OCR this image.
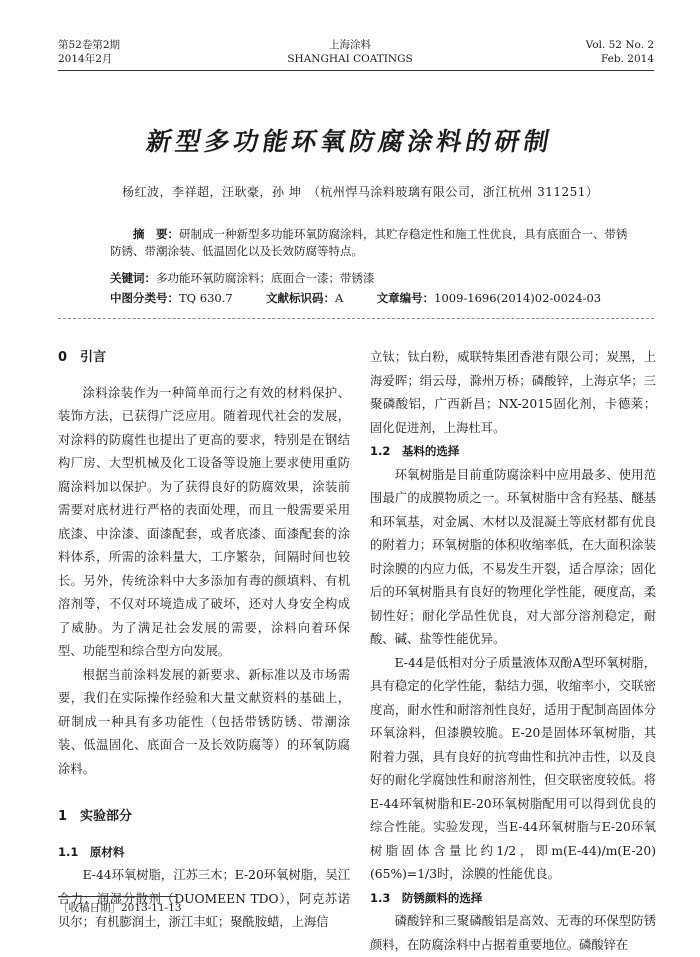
第52卷第2期
2014年2月
上海涂料
SHANGHAI COATINGS
Vol. 52 No. 2
Feb. 2014
新型多功能环氧防腐涂料的研制
杨红波，李祥超，汪耿豪，孙 坤　（杭州悍马涂料玻璃有限公司，浙江杭州 311251）
摘　要：研制成一种新型多功能环氧防腐涂料，其贮存稳定性和施工性优良，具有底面合一、带锈防锈、带潮涂装、低温固化以及长效防腐等特点。
关键词：多功能环氧防腐涂料；底面合一漆；带锈漆
中图分类号：TQ 630.7	文献标识码：A	文章编号：1009-1696(2014)02-0024-03
0　引言

涂料涂装作为一种简单而行之有效的材料保护、装饰方法，已获得广泛应用。随着现代社会的发展，对涂料的防腐性也提出了更高的要求，特别是在钢结构厂房、大型机械及化工设备等设施上要求使用重防腐涂料加以保护。为了获得良好的防腐效果，涂装前需要对底材进行严格的表面处理，而且一般需要采用底漆、中涂漆、面漆配套，或者底漆、面漆配套的涂料体系，所需的涂料量大，工序繁杂，间隔时间也较长。另外，传统涂料中大多添加有毒的颜填料、有机溶剂等，不仅对环境造成了破坏，还对人身安全构成了威胁。为了满足社会发展的需要，涂料向着环保型、功能型和综合型方向发展。

根据当前涂料发展的新要求、新标准以及市场需要，我们在实际操作经验和大量文献资料的基础上，研制成一种具有多功能性（包括带锈防锈、带潮涂装、低温固化、底面合一及长效防腐等）的环氧防腐涂料。

1　实验部分
1.1　原材料

E-44环氧树脂，江苏三木；E-20环氧树脂，吴江合力；润湿分散剂（DUOMEEN TDO），阿克苏诺贝尔；有机膨润土，浙江丰虹；聚酰胺蜡，上海信

立钛；钛白粉，威联特集团香港有限公司；炭黑，上海爱晖；绢云母，滁州万桥；磷酸锌，上海京华；三聚磷酸铝，广西新昌；NX-2015固化剂，卡德莱；固化促进剂，上海杜耳。

1.2　基料的选择

环氧树脂是目前重防腐涂料中应用最多、使用范围最广的成膜物质之一。环氧树脂中含有羟基、醚基和环氧基，对金属、木材以及混凝土等底材都有优良的附着力；环氧树脂的体积收缩率低，在大面积涂装时涂膜的内应力低，不易发生开裂，适合厚涂；固化后的环氧树脂具有良好的物理化学性能，硬度高，柔韧性好；耐化学品性优良，对大部分溶剂稳定，耐酸、碱、盐等性能优异。

E-44是低相对分子质量液体双酚A型环氧树脂，具有稳定的化学性能，黏结力强，收缩率小，交联密度高，耐水性和耐溶剂性良好，适用于配制高固体分环氧涂料，但漆膜较脆。E-20是固体环氧树脂，其附着力强，具有良好的抗弯曲性和抗冲击性，以及良好的耐化学腐蚀性和耐溶剂性，但交联密度较低。将E-44环氧树脂和E-20环氧树脂配用可以得到优良的综合性能。实验发现，当E-44环氧树脂与E-20环氧树脂固体含量比约1/2，即m(E-44)/m(E-20)(65%)=1/3时，涂膜的性能优良。

1.3　防锈颜料的选择

磷酸锌和三聚磷酸铝是高效、无毒的环保型防锈颜料，在防腐涂料中占据着重要地位。磷酸锌在

［收稿日期］2013-11-13
